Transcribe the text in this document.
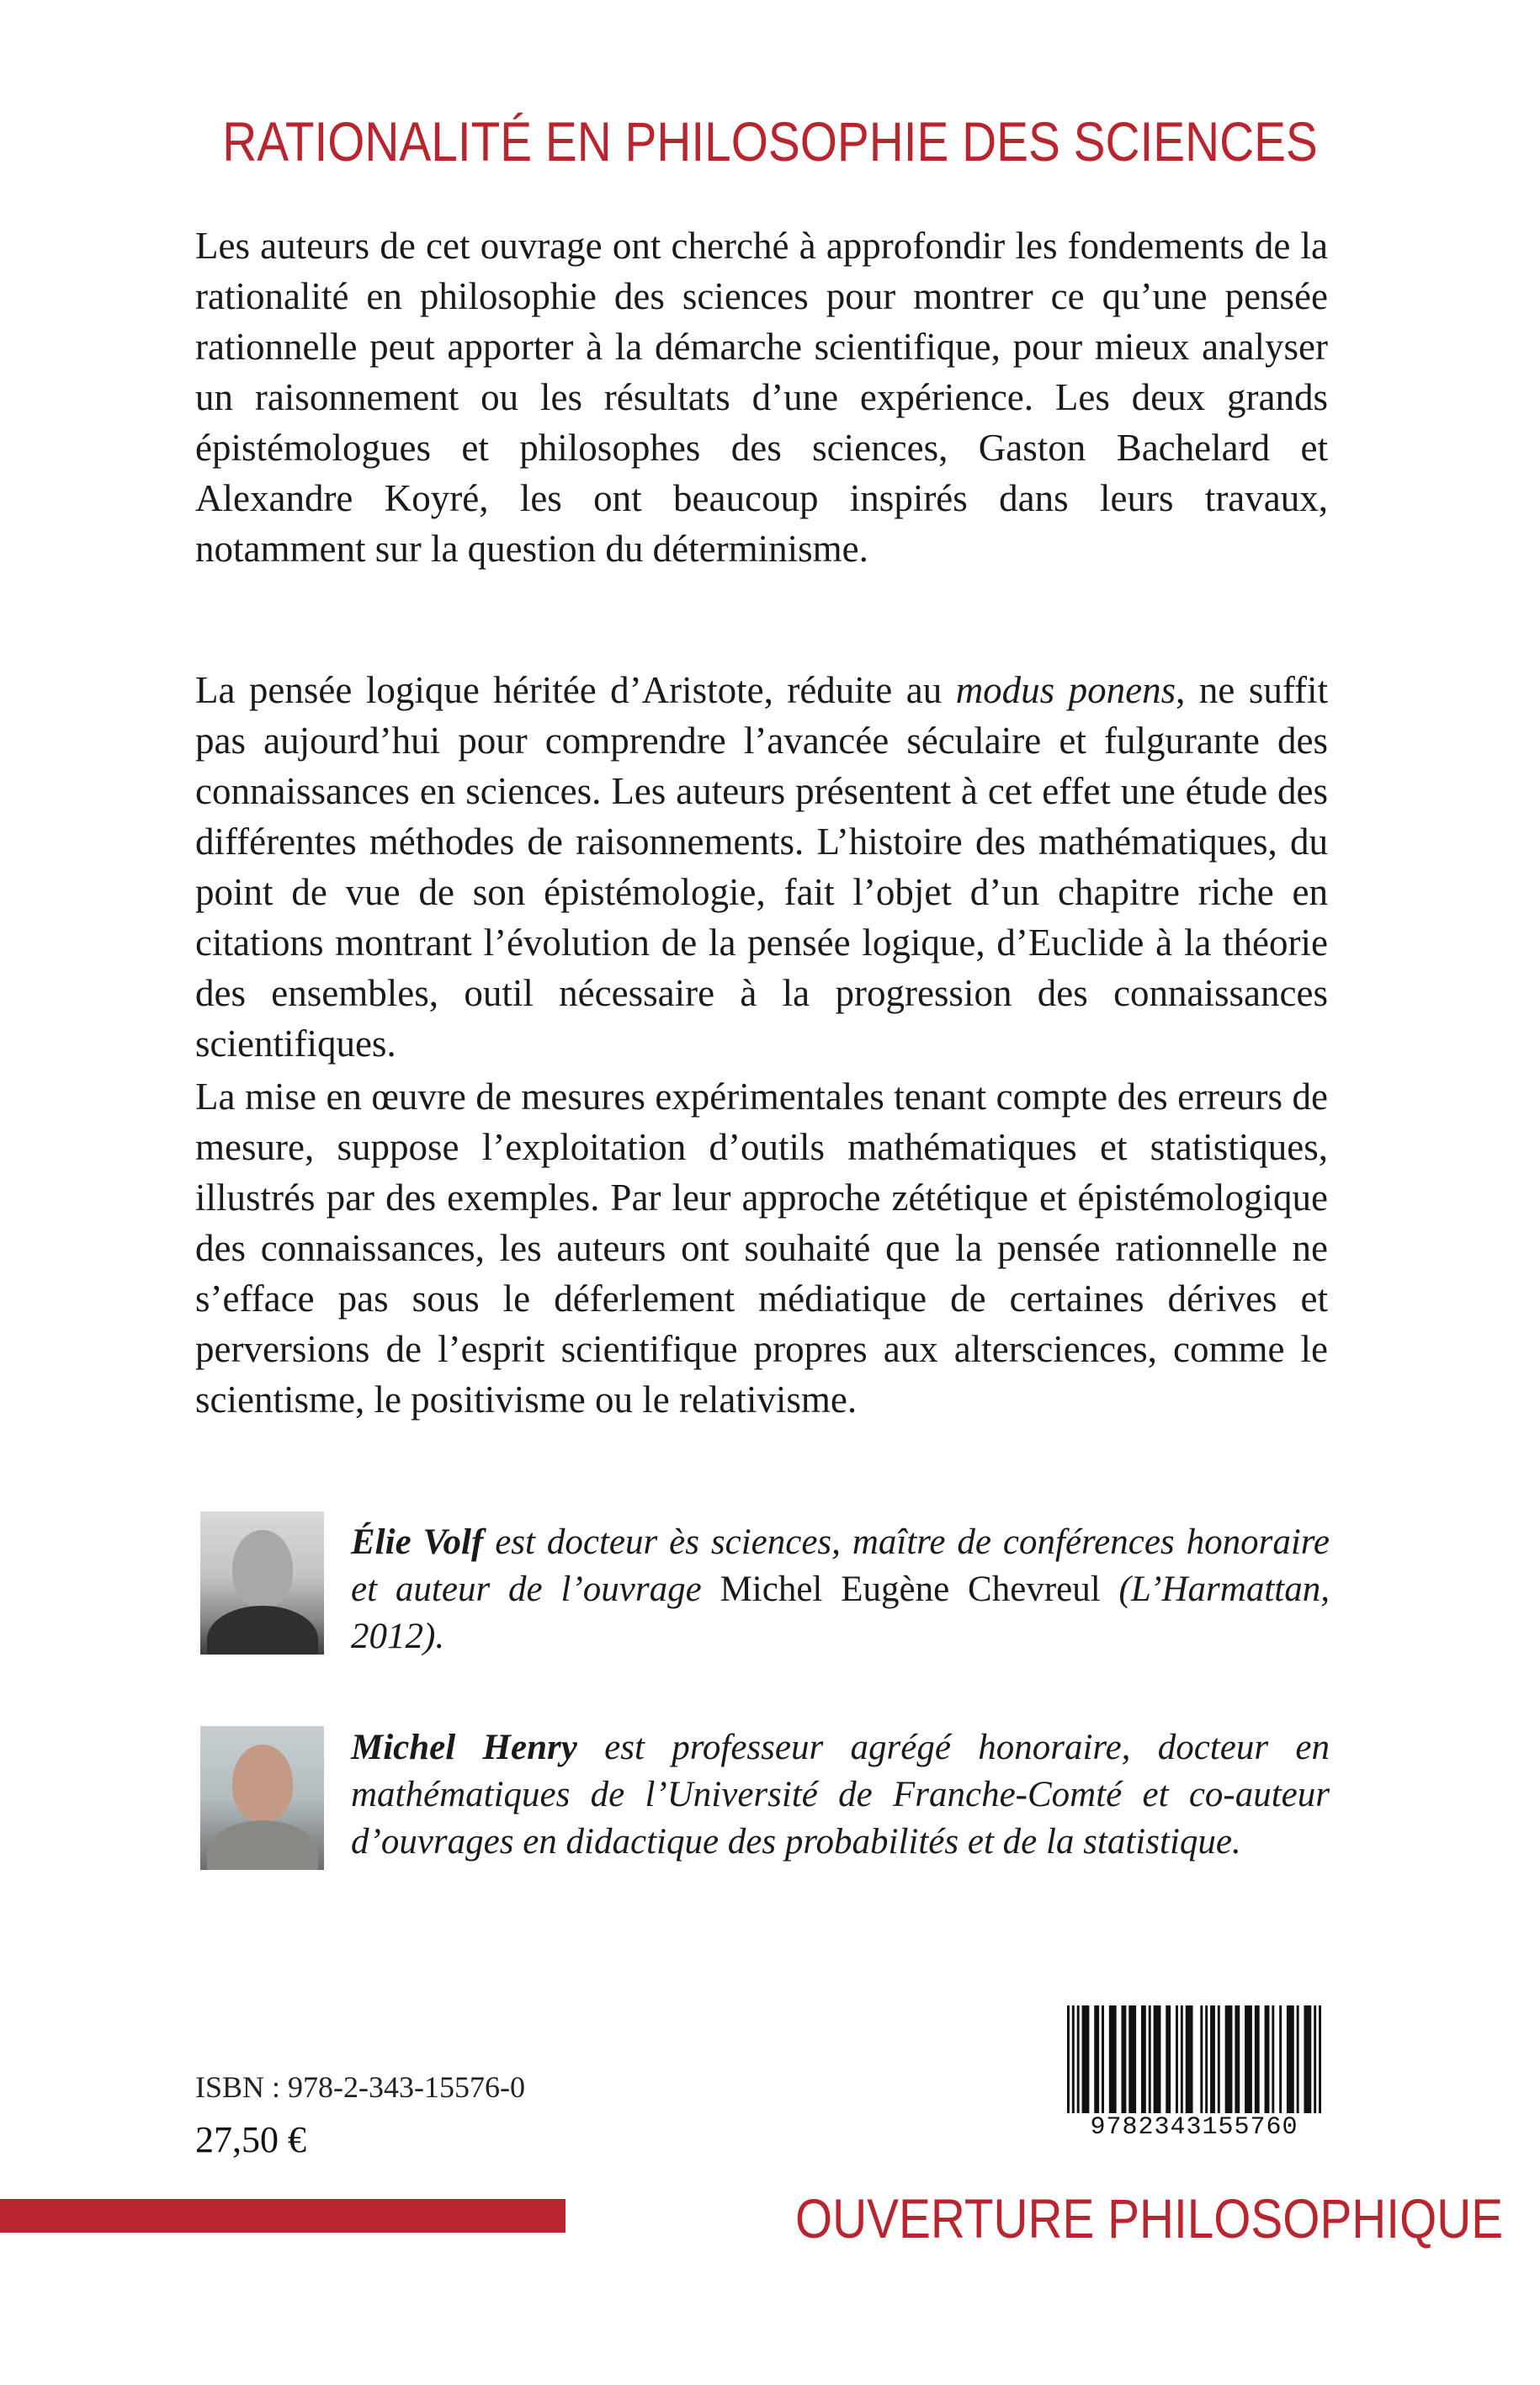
RATIONALITÉ EN PHILOSOPHIE DES SCIENCES

Les auteurs de cet ouvrage ont cherché à approfondir les fondements de la rationalité en philosophie des sciences pour montrer ce qu’une pensée rationnelle peut apporter à la démarche scientifique, pour mieux analyser un raisonnement ou les résultats d’une expérience. Les deux grands épistémologues et philosophes des sciences, Gaston Bachelard et Alexandre Koyré, les ont beaucoup inspirés dans leurs travaux, notamment sur la question du déterminisme.

La pensée logique héritée d’Aristote, réduite au modus ponens, ne suffit pas aujourd’hui pour comprendre l’avancée séculaire et fulgurante des connaissances en sciences. Les auteurs présentent à cet effet une étude des différentes méthodes de raisonnements. L’histoire des mathématiques, du point de vue de son épistémologie, fait l’objet d’un chapitre riche en citations montrant l’évolution de la pensée logique, d’Euclide à la théorie des ensembles, outil nécessaire à la progression des connaissances scientifiques.

La mise en œuvre de mesures expérimentales tenant compte des erreurs de mesure, suppose l’exploitation d’outils mathématiques et statistiques, illustrés par des exemples. Par leur approche zététique et épistémologique des connaissances, les auteurs ont souhaité que la pensée rationnelle ne s’efface pas sous le déferlement médiatique de certaines dérives et perversions de l’esprit scientifique propres aux altersciences, comme le scientisme, le positivisme ou le relativisme.

Élie Volf est docteur ès sciences, maître de conférences honoraire et auteur de l’ouvrage Michel Eugène Chevreul (L’Harmattan, 2012).
Michel Henry est professeur agrégé honoraire, docteur en mathématiques de l’Université de Franche-Comté et co-auteur d’ouvrages en didactique des probabilités et de la statistique.
ISBN : 978-2-343-15576-0
27,50 €	9782343155760
OUVERTURE PHILOSOPHIQUE
